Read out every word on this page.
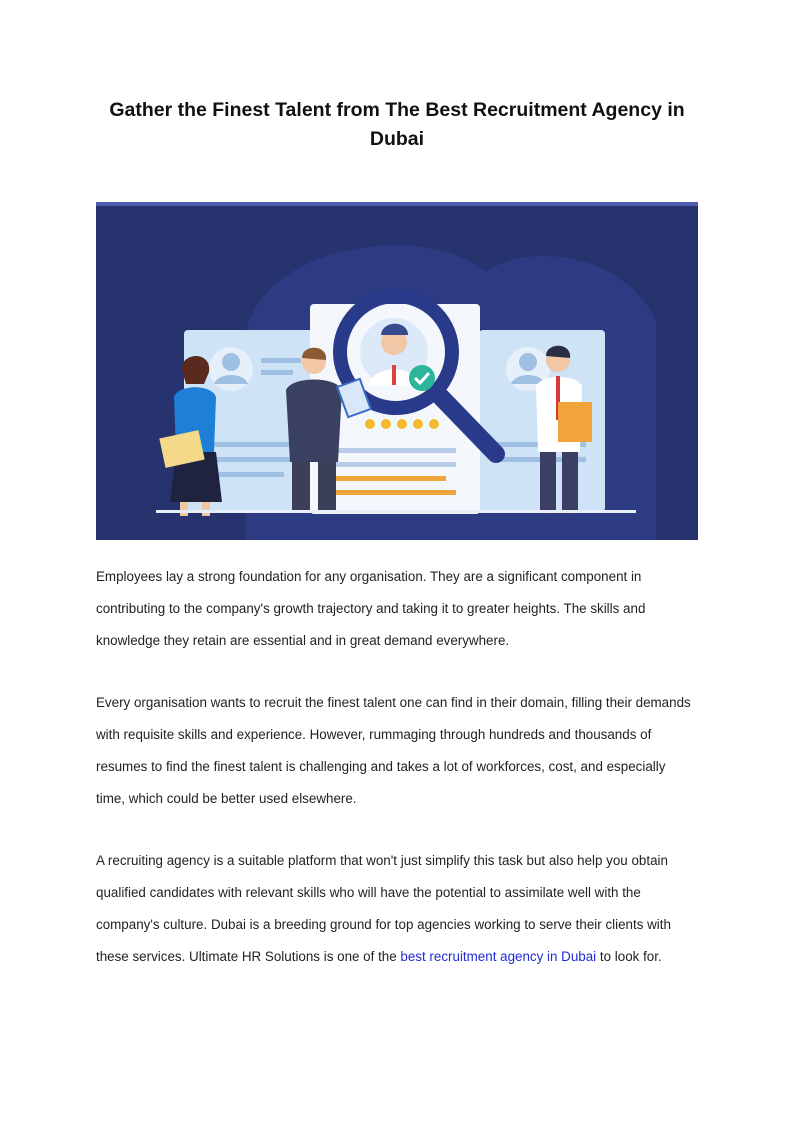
Gather the Finest Talent from The Best Recruitment Agency in Dubai

Employees lay a strong foundation for any organisation. They are a significant component in contributing to the company's growth trajectory and taking it to greater heights. The skills and knowledge they retain are essential and in great demand everywhere.

Every organisation wants to recruit the finest talent one can find in their domain, filling their demands with requisite skills and experience. However, rummaging through hundreds and thousands of resumes to find the finest talent is challenging and takes a lot of workforces, cost, and especially time, which could be better used elsewhere.

A recruiting agency is a suitable platform that won't just simplify this task but also help you obtain qualified candidates with relevant skills who will have the potential to assimilate well with the company's culture. Dubai is a breeding ground for top agencies working to serve their clients with these services. Ultimate HR Solutions is one of the best recruitment agency in Dubai to look for.
